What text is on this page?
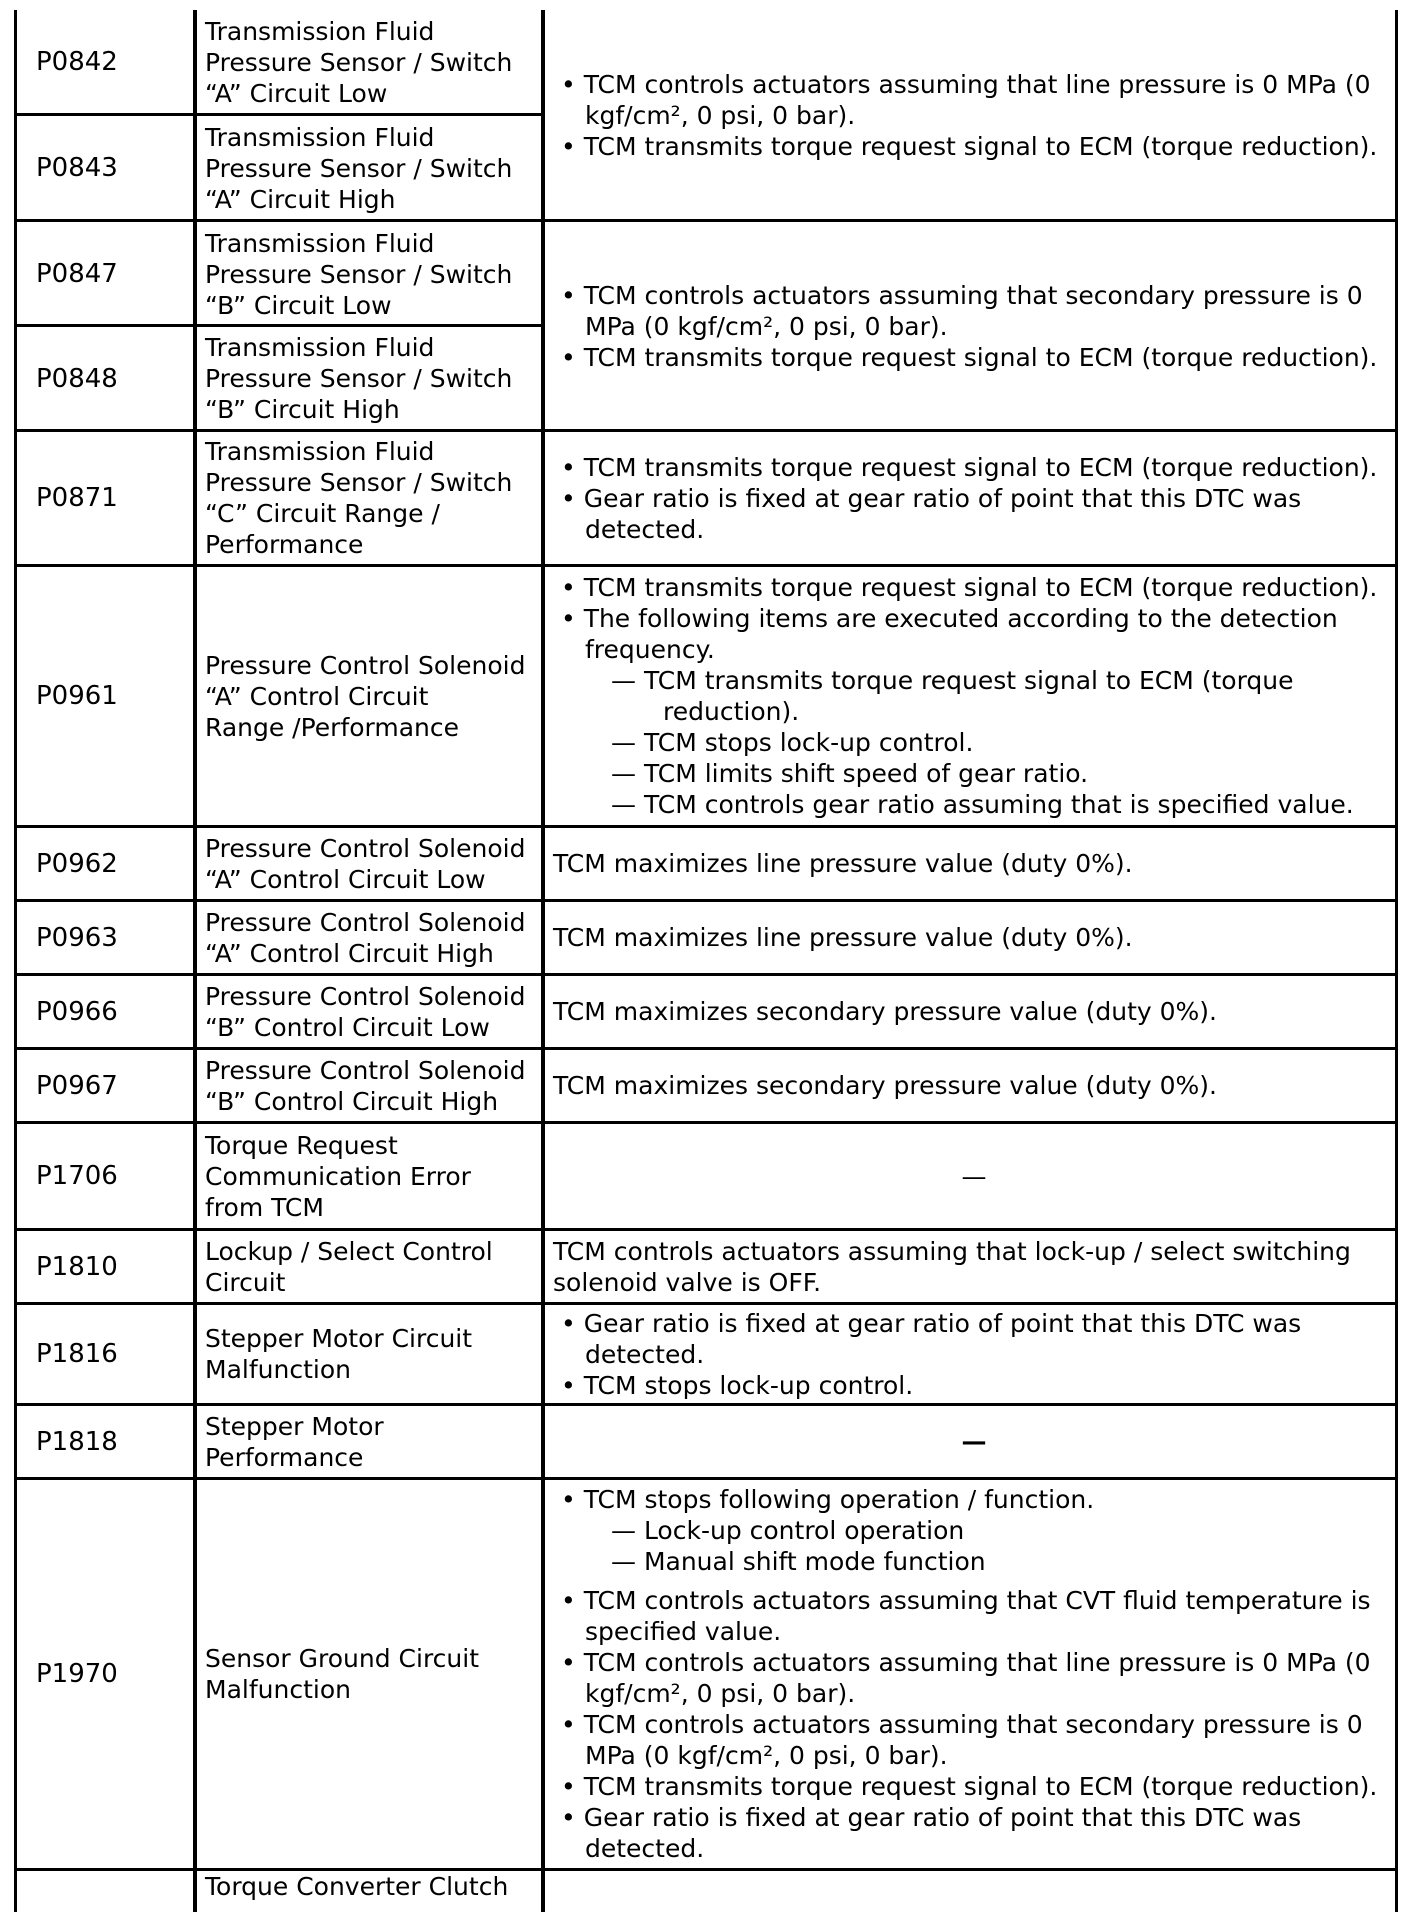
P0842
P0843
P0847
P0848
P0871
P0961
P0962
P0963
P0966
P0967
P1706
P1810
P1816
P1818
P1970
Transmission Fluid
Pressure Sensor / Switch
“A” Circuit Low
Transmission Fluid
Pressure Sensor / Switch
“A” Circuit High
Transmission Fluid
Pressure Sensor / Switch
“B” Circuit Low
Transmission Fluid
Pressure Sensor / Switch
“B” Circuit High
Transmission Fluid
Pressure Sensor / Switch
“C” Circuit Range /
Performance
Pressure Control Solenoid
“A” Control Circuit
Range /Performance
Pressure Control Solenoid
“A” Control Circuit Low
Pressure Control Solenoid
“A” Control Circuit High
Pressure Control Solenoid
“B” Control Circuit Low
Pressure Control Solenoid
“B” Control Circuit High
Torque Request
Communication Error
from TCM
Lockup / Select Control
Circuit
Stepper Motor Circuit
Malfunction
Stepper Motor
Performance
Sensor Ground Circuit
Malfunction
Torque Converter Clutch
• TCM controls actuators assuming that line pressure is 0 MPa (0 kgf/cm², 0 psi, 0 bar).
• TCM transmits torque request signal to ECM (torque reduction).
• TCM controls actuators assuming that secondary pressure is 0 MPa (0 kgf/cm², 0 psi, 0 bar).
• TCM transmits torque request signal to ECM (torque reduction).
• TCM transmits torque request signal to ECM (torque reduction).
• Gear ratio is fixed at gear ratio of point that this DTC was detected.
• TCM transmits torque request signal to ECM (torque reduction).
• The following items are executed according to the detection frequency.
— TCM transmits torque request signal to ECM (torque reduction).
— TCM stops lock-up control.
— TCM limits shift speed of gear ratio.
— TCM controls gear ratio assuming that is specified value.
TCM maximizes line pressure value (duty 0%).
TCM maximizes line pressure value (duty 0%).
TCM maximizes secondary pressure value (duty 0%).
TCM maximizes secondary pressure value (duty 0%).
—
TCM controls actuators assuming that lock-up / select switching solenoid valve is OFF.
• Gear ratio is fixed at gear ratio of point that this DTC was detected.
• TCM stops lock-up control.
—
• TCM stops following operation / function.
— Lock-up control operation
— Manual shift mode function
• TCM controls actuators assuming that CVT fluid temperature is specified value.
• TCM controls actuators assuming that line pressure is 0 MPa (0 kgf/cm², 0 psi, 0 bar).
• TCM controls actuators assuming that secondary pressure is 0 MPa (0 kgf/cm², 0 psi, 0 bar).
• TCM transmits torque request signal to ECM (torque reduction).
• Gear ratio is fixed at gear ratio of point that this DTC was detected.
